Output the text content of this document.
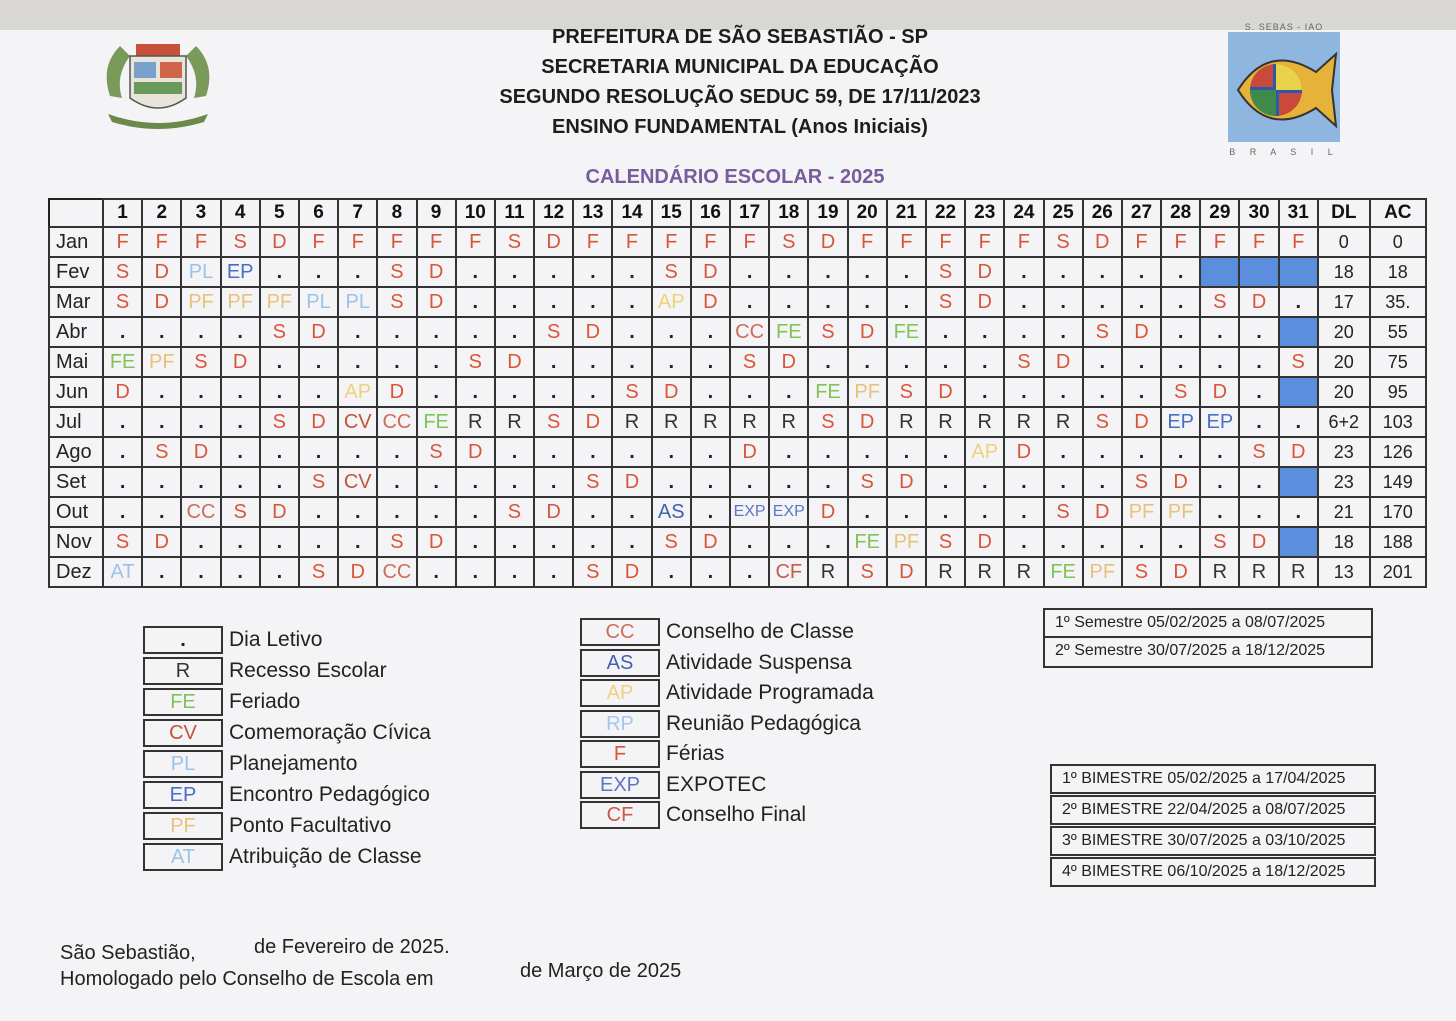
PREFEITURA DE SÃO SEBASTIÃO - SP
SECRETARIA MUNICIPAL DA EDUCAÇÃO
SEGUNDO RESOLUÇÃO SEDUC 59, DE 17/11/2023
ENSINO FUNDAMENTAL (Anos Iniciais)
S. SEBAS - IAO
B R A S I L
CALENDÁRIO ESCOLAR - 2025
	1	2	3	4	5	6	7	8	9	10	11	12	13	14	15	16	17	18	19	20	21	22	23	24	25	26	27	28	29	30	31	DL	AC
Jan	F	F	F	S	D	F	F	F	F	F	S	D	F	F	F	F	F	S	D	F	F	F	F	F	S	D	F	F	F	F	F	0	0
Fev	S	D	PL	EP	.	.	.	S	D	.	.	.	.	.	S	D	.	.	.	.	.	S	D	.	.	.	.	.				18	18
Mar	S	D	PF	PF	PF	PL	PL	S	D	.	.	.	.	.	AP	D	.	.	.	.	.	S	D	.	.	.	.	.	S	D	.	17	35.
Abr	.	.	.	.	S	D	.	.	.	.	.	S	D	.	.	.	CC	FE	S	D	FE	.	.	.	.	S	D	.	.	.		20	55
Mai	FE	PF	S	D	.	.	.	.	.	S	D	.	.	.	.	.	S	D	.	.	.	.	.	S	D	.	.	.	.	.	S	20	75
Jun	D	.	.	.	.	.	AP	D	.	.	.	.	.	S	D	.	.	.	FE	PF	S	D	.	.	.	.	.	S	D	.		20	95
Jul	.	.	.	.	S	D	CV	CC	FE	R	R	S	D	R	R	R	R	R	S	D	R	R	R	R	R	S	D	EP	EP	.	.	6+2	103
Ago	.	S	D	.	.	.	.	.	S	D	.	.	.	.	.	.	D	.	.	.	.	.	AP	D	.	.	.	.	.	S	D	23	126
Set	.	.	.	.	.	S	CV	.	.	.	.	.	S	D	.	.	.	.	.	S	D	.	.	.	.	.	S	D	.	.		23	149
Out	.	.	CC	S	D	.	.	.	.	.	S	D	.	.	AS	.	EXP	EXP	D	.	.	.	.	.	S	D	PF	PF	.	.	.	21	170
Nov	S	D	.	.	.	.	.	S	D	.	.	.	.	.	S	D	.	.	.	FE	PF	S	D	.	.	.	.	.	S	D		18	188
Dez	AT	.	.	.	.	S	D	CC	.	.	.	.	S	D	.	.	.	CF	R	S	D	R	R	R	FE	PF	S	D	R	R	R	13	201
.	Dia Letivo
R	Recesso Escolar
FE	Feriado
CV	Comemoração Cívica
PL	Planejamento
EP	Encontro Pedagógico
PF	Ponto Facultativo
AT	Atribuição de Classe
CC	Conselho de Classe
AS	Atividade Suspensa
AP	Atividade Programada
RP	Reunião Pedagógica
F	Férias
EXP	EXPOTEC
CF	Conselho Final
1º Semestre 05/02/2025 a 08/07/2025
2º Semestre 30/07/2025 a 18/12/2025
1º BIMESTRE 05/02/2025 a 17/04/2025
2º BIMESTRE 22/04/2025 a 08/07/2025
3º BIMESTRE 30/07/2025 a 03/10/2025
4º BIMESTRE 06/10/2025 a 18/12/2025
São Sebastião,	de Fevereiro de 2025.
Homologado pelo Conselho de Escola em	de Março de 2025
